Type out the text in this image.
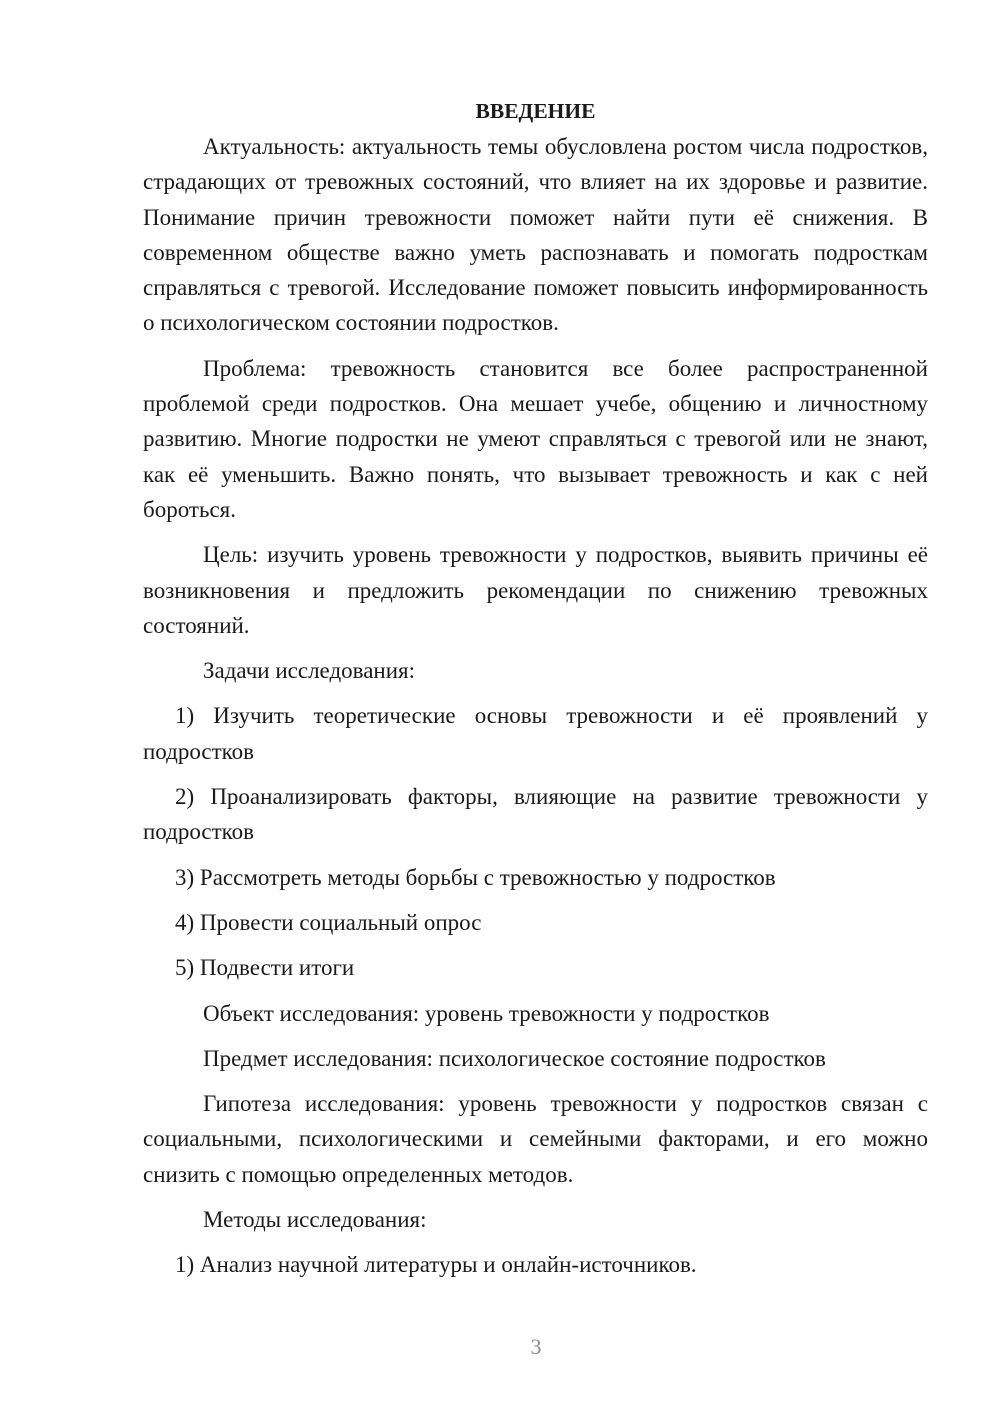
ВВЕДЕНИЕ

Актуальность: актуальность темы обусловлена ростом числа подростков, страдающих от тревожных состояний, что влияет на их здоровье и развитие. Понимание причин тревожности поможет найти пути её снижения. В современном обществе важно уметь распознавать и помогать подросткам справляться с тревогой. Исследование поможет повысить информированность о психологическом состоянии подростков.

Проблема: тревожность становится все более распространенной проблемой среди подростков. Она мешает учебе, общению и личностному развитию. Многие подростки не умеют справляться с тревогой или не знают, как её уменьшить. Важно понять, что вызывает тревожность и как с ней бороться.

Цель: изучить уровень тревожности у подростков, выявить причины её возникновения и предложить рекомендации по снижению тревожных состояний.

Задачи исследования:

1) Изучить теоретические основы тревожности и её проявлений у подростков

2) Проанализировать факторы, влияющие на развитие тревожности у подростков

3) Рассмотреть методы борьбы с тревожностью у подростков

4) Провести социальный опрос

5) Подвести итоги

Объект исследования: уровень тревожности у подростков

Предмет исследования: психологическое состояние подростков

Гипотеза исследования: уровень тревожности у подростков связан с социальными, психологическими и семейными факторами, и его можно снизить с помощью определенных методов.

Методы исследования:

1) Анализ научной литературы и онлайн-источников.

3
